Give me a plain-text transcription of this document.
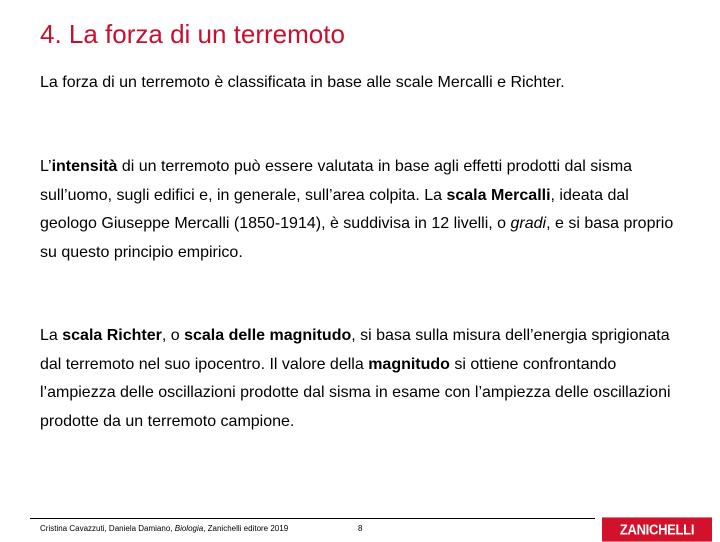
4. La forza di un terremoto
La forza di un terremoto è classificata in base alle scale Mercalli e Richter.
L’intensità di un terremoto può essere valutata in base agli effetti prodotti dal sisma sull’uomo, sugli edifici e, in generale, sull’area colpita. La scala Mercalli, ideata dal geologo Giuseppe Mercalli (1850-1914), è suddivisa in 12 livelli, o gradi, e si basa proprio su questo principio empirico.
La scala Richter, o scala delle magnitudo, si basa sulla misura dell’energia sprigionata dal terremoto nel suo ipocentro. Il valore della magnitudo si ottiene confrontando l’ampiezza delle oscillazioni prodotte dal sisma in esame con l’ampiezza delle oscillazioni prodotte da un terremoto campione.
Cristina Cavazzuti, Daniela Damiano, Biologia, Zanichelli editore 2019	8	ZANICHELLI
